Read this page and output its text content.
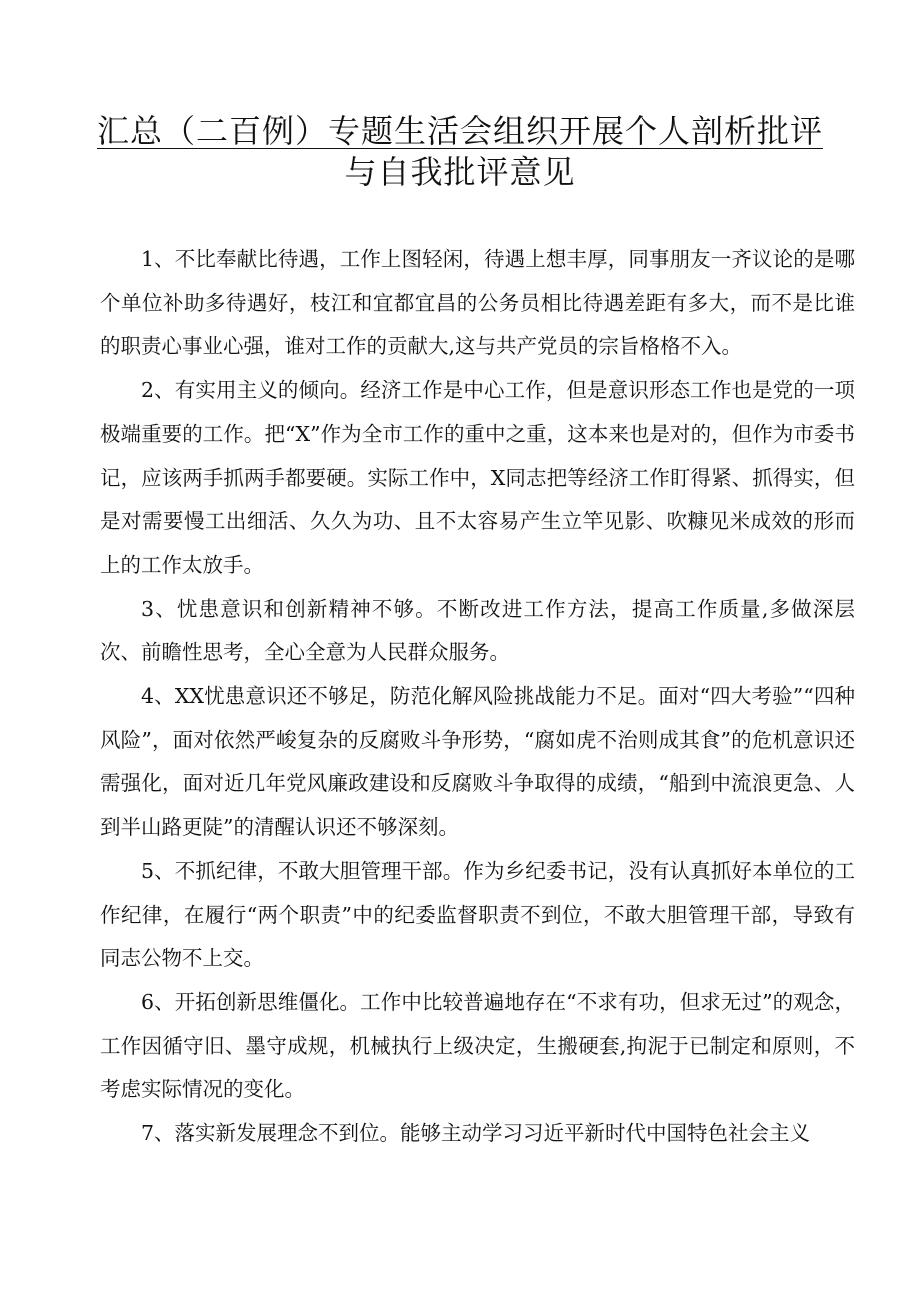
汇总（二百例）专题生活会组织开展个人剖析批评
与自我批评意见

1、不比奉献比待遇，工作上图轻闲，待遇上想丰厚，同事朋友一齐议论的是哪个单位补助多待遇好，枝江和宜都宜昌的公务员相比待遇差距有多大，而不是比谁的职责心事业心强，谁对工作的贡献大,这与共产党员的宗旨格格不入。

2、有实用主义的倾向。经济工作是中心工作，但是意识形态工作也是党的一项极端重要的工作。把“X”作为全市工作的重中之重，这本来也是对的，但作为市委书记，应该两手抓两手都要硬。实际工作中，X同志把等经济工作盯得紧、抓得实，但是对需要慢工出细活、久久为功、且不太容易产生立竿见影、吹糠见米成效的形而上的工作太放手。

3、忧患意识和创新精神不够。不断改进工作方法，提高工作质量,多做深层次、前瞻性思考，全心全意为人民群众服务。

4、XX忧患意识还不够足，防范化解风险挑战能力不足。面对“四大考验”“四种风险”，面对依然严峻复杂的反腐败斗争形势，“腐如虎不治则成其食”的危机意识还需强化，面对近几年党风廉政建设和反腐败斗争取得的成绩，“船到中流浪更急、人到半山路更陡”的清醒认识还不够深刻。

5、不抓纪律，不敢大胆管理干部。作为乡纪委书记，没有认真抓好本单位的工作纪律，在履行“两个职责”中的纪委监督职责不到位，不敢大胆管理干部，导致有同志公物不上交。

6、开拓创新思维僵化。工作中比较普遍地存在“不求有功，但求无过”的观念，工作因循守旧、墨守成规，机械执行上级决定，生搬硬套,拘泥于已制定和原则，不考虑实际情况的变化。

7、落实新发展理念不到位。能够主动学习习近平新时代中国特色社会主义
